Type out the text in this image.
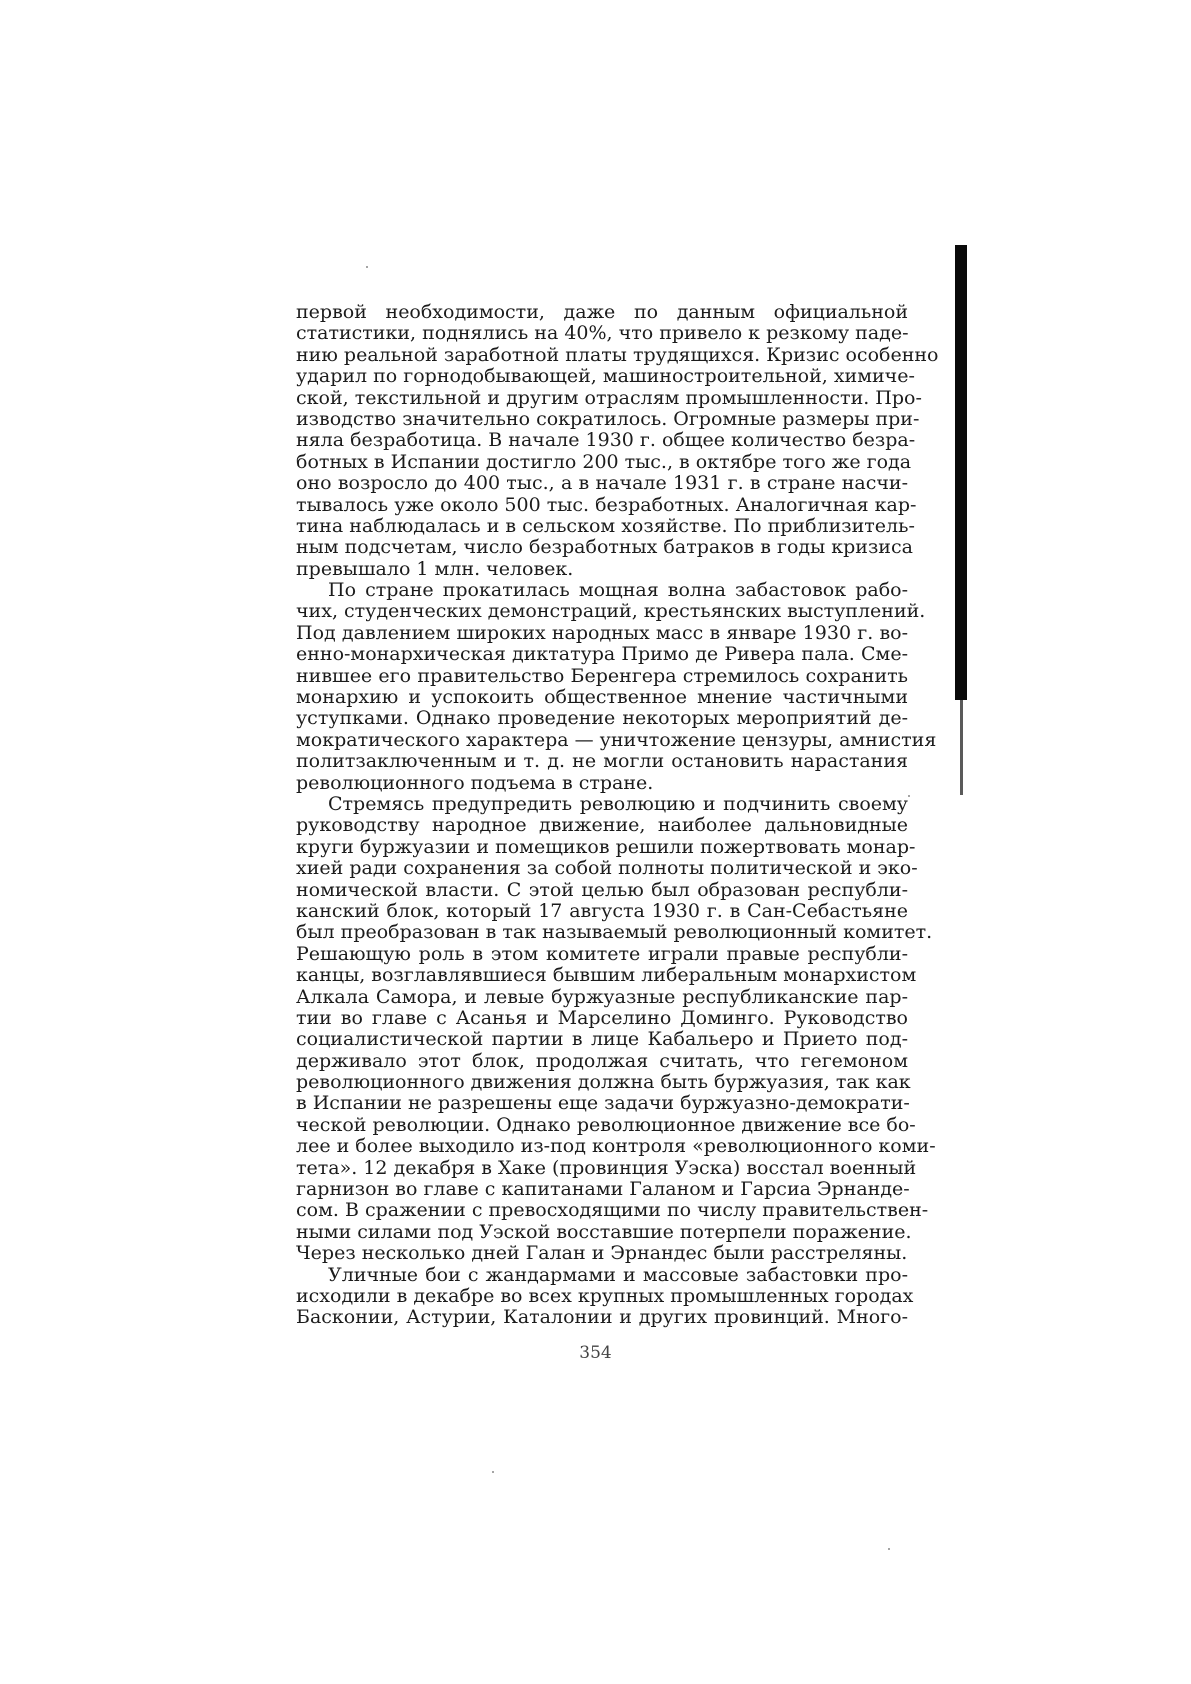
первой необходимости, даже по данным официальной
статистики, поднялись на 40%, что привело к резкому паде-
нию реальной заработной платы трудящихся. Кризис особенно
ударил по горнодобывающей, машиностроительной, химиче-
ской, текстильной и другим отраслям промышленности. Про-
изводство значительно сократилось. Огромные размеры при-
няла безработица. В начале 1930 г. общее количество безра-
ботных в Испании достигло 200 тыс., в октябре того же года
оно возросло до 400 тыс., а в начале 1931 г. в стране насчи-
тывалось уже около 500 тыс. безработных. Аналогичная кар-
тина наблюдалась и в сельском хозяйстве. По приблизитель-
ным подсчетам, число безработных батраков в годы кризиса
превышало 1 млн. человек.
По стране прокатилась мощная волна забастовок рабо-
чих, студенческих демонстраций, крестьянских выступлений.
Под давлением широких народных масс в январе 1930 г. во-
енно-монархическая диктатура Примо де Ривера пала. Сме-
нившее его правительство Беренгера стремилось сохранить
монархию и успокоить общественное мнение частичными
уступками. Однако проведение некоторых мероприятий де-
мократического характера — уничтожение цензуры, амнистия
политзаключенным и т. д. не могли остановить нарастания
революционного подъема в стране.
Стремясь предупредить революцию и подчинить своему
руководству народное движение, наиболее дальновидные
круги буржуазии и помещиков решили пожертвовать монар-
хией ради сохранения за собой полноты политической и эко-
номической власти. С этой целью был образован республи-
канский блок, который 17 августа 1930 г. в Сан-Себастьяне
был преобразован в так называемый революционный комитет.
Решающую роль в этом комитете играли правые республи-
канцы, возглавлявшиеся бывшим либеральным монархистом
Алкала Самора, и левые буржуазные республиканские пар-
тии во главе с Асанья и Марселино Доминго. Руководство
социалистической партии в лице Кабальеро и Прието под-
держивало этот блок, продолжая считать, что гегемоном
революционного движения должна быть буржуазия, так как
в Испании не разрешены еще задачи буржуазно-демократи-
ческой революции. Однако революционное движение все бо-
лее и более выходило из-под контроля «революционного коми-
тета». 12 декабря в Хаке (провинция Уэска) восстал военный
гарнизон во главе с капитанами Галаном и Гарсиа Эрнанде-
сом. В сражении с превосходящими по числу правительствен-
ными силами под Уэской восставшие потерпели поражение.
Через несколько дней Галан и Эрнандес были расстреляны.
Уличные бои с жандармами и массовые забастовки про-
исходили в декабре во всех крупных промышленных городах
Басконии, Астурии, Каталонии и других провинций. Много-
354
